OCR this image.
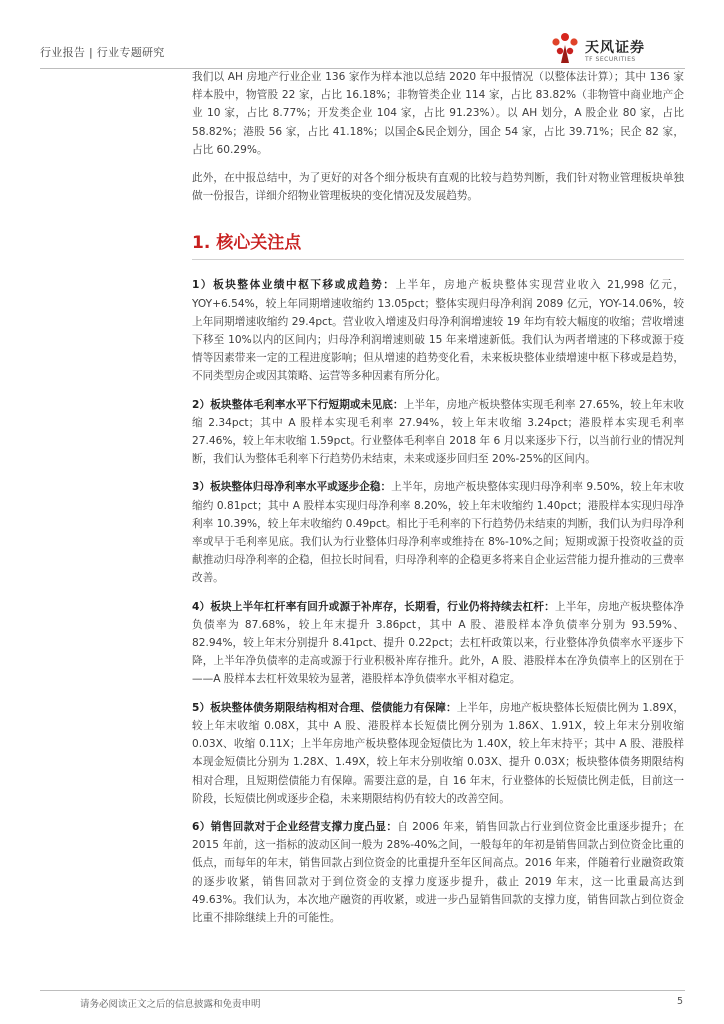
行业报告 | 行业专题研究	天风证券
TF SECURITIES

我们以 AH 房地产行业企业 136 家作为样本池以总结 2020 年中报情况（以整体法计算）；其中 136 家样本股中，物管股 22 家，占比 16.18%；非物管类企业 114 家，占比 83.82%（非物管中商业地产企业 10 家，占比 8.77%；开发类企业 104 家，占比 91.23%）。以 AH 划分，A 股企业 80 家，占比 58.82%；港股 56 家，占比 41.18%；以国企&民企划分，国企 54 家，占比 39.71%；民企 82 家，占比 60.29%。

此外，在中报总结中，为了更好的对各个细分板块有直观的比较与趋势判断，我们针对物业管理板块单独做一份报告，详细介绍物业管理板块的变化情况及发展趋势。

1. 核心关注点

1）板块整体业绩中枢下移或成趋势：上半年，房地产板块整体实现营业收入 21,998 亿元，YOY+6.54%，较上年同期增速收缩约 13.05pct；整体实现归母净利润 2089 亿元，YOY-14.06%，较上年同期增速收缩约 29.4pct。营业收入增速及归母净利润增速较 19 年均有较大幅度的收缩；营收增速下移至 10%以内的区间内；归母净利润增速则破 15 年来增速新低。我们认为两者增速的下移或源于疫情等因素带来一定的工程进度影响；但从增速的趋势变化看，未来板块整体业绩增速中枢下移或是趋势，不同类型房企或因其策略、运营等多种因素有所分化。

2）板块整体毛利率水平下行短期或未见底：上半年，房地产板块整体实现毛利率 27.65%，较上年末收缩 2.34pct；其中 A 股样本实现毛利率 27.94%，较上年末收缩 3.24pct；港股样本实现毛利率 27.46%，较上年末收缩 1.59pct。行业整体毛利率自 2018 年 6 月以来逐步下行，以当前行业的情况判断，我们认为整体毛利率下行趋势仍未结束，未来或逐步回归至 20%-25%的区间内。

3）板块整体归母净利率水平或逐步企稳：上半年，房地产板块整体实现归母净利率 9.50%，较上年末收缩约 0.81pct；其中 A 股样本实现归母净利率 8.20%，较上年末收缩约 1.40pct；港股样本实现归母净利率 10.39%，较上年末收缩约 0.49pct。相比于毛利率的下行趋势仍未结束的判断，我们认为归母净利率或早于毛利率见底。我们认为行业整体归母净利率或维持在 8%-10%之间；短期或源于投资收益的贡献推动归母净利率的企稳，但拉长时间看，归母净利率的企稳更多将来自企业运营能力提升推动的三费率改善。

4）板块上半年杠杆率有回升或源于补库存，长期看，行业仍将持续去杠杆：上半年，房地产板块整体净负债率为 87.68%，较上年末提升 3.86pct，其中 A 股、港股样本净负债率分别为 93.59%、82.94%，较上年末分别提升 8.41pct、提升 0.22pct；去杠杆政策以来，行业整体净负债率水平逐步下降，上半年净负债率的走高或源于行业积极补库存推升。此外，A 股、港股样本在净负债率上的区别在于——A 股样本去杠杆效果较为显著，港股样本净负债率水平相对稳定。

5）板块整体债务期限结构相对合理、偿债能力有保障：上半年，房地产板块整体长短债比例为 1.89X，较上年末收缩 0.08X，其中 A 股、港股样本长短债比例分别为 1.86X、1.91X，较上年末分别收缩 0.03X、收缩 0.11X；上半年房地产板块整体现金短债比为 1.40X，较上年末持平；其中 A 股、港股样本现金短债比分别为 1.28X、1.49X，较上年末分别收缩 0.03X、提升 0.03X；板块整体债务期限结构相对合理，且短期偿债能力有保障。需要注意的是，自 16 年末，行业整体的长短债比例走低，目前这一阶段，长短债比例或逐步企稳，未来期限结构仍有较大的改善空间。

6）销售回款对于企业经营支撑力度凸显：自 2006 年来，销售回款占行业到位资金比重逐步提升；在 2015 年前，这一指标的波动区间一般为 28%-40%之间，一般每年的年初是销售回款占到位资金比重的低点，而每年的年末，销售回款占到位资金的比重提升至年区间高点。2016 年来，伴随着行业融资政策的逐步收紧，销售回款对于到位资金的支撑力度逐步提升，截止 2019 年末，这一比重最高达到 49.63%。我们认为，本次地产融资的再收紧，或进一步凸显销售回款的支撑力度，销售回款占到位资金比重不排除继续上升的可能性。

请务必阅读正文之后的信息披露和免责申明	5
